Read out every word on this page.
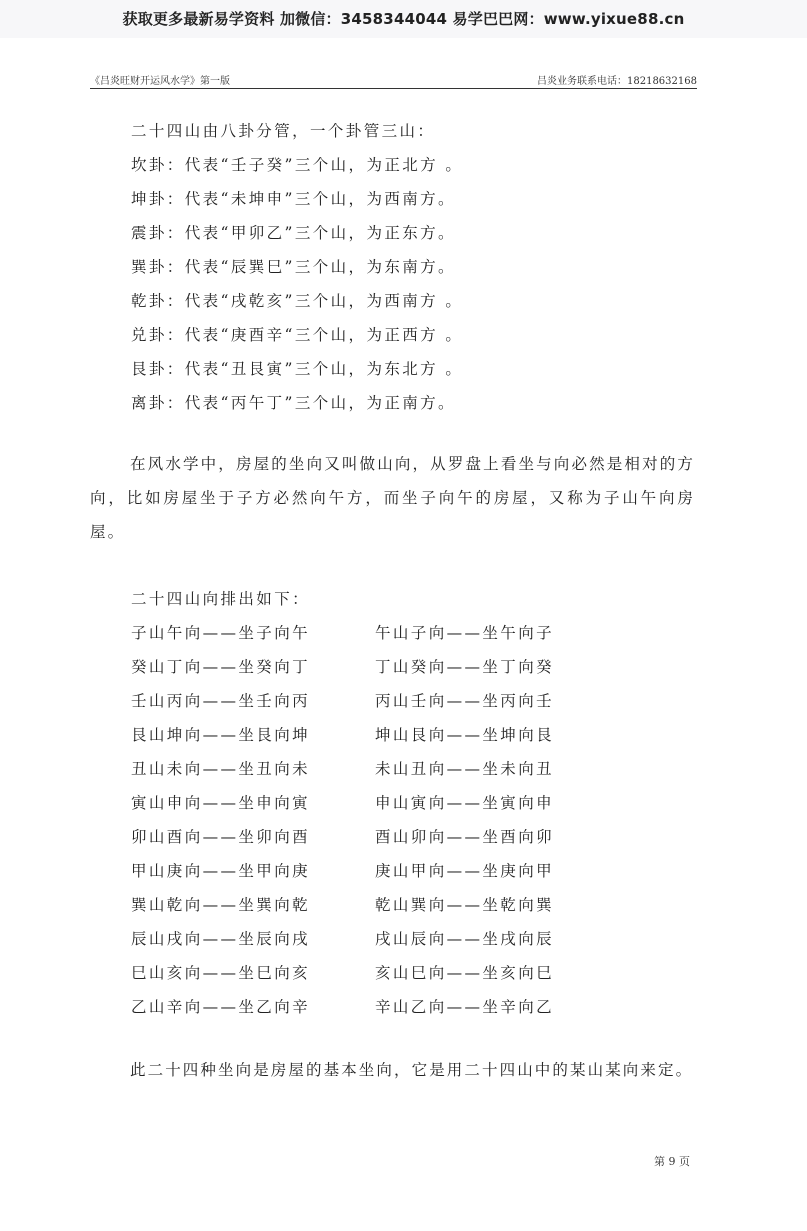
获取更多最新易学资料 加微信：3458344044 易学巴巴网：www.yixue88.cn
《吕炎旺财开运风水学》第一版	吕炎业务联系电话：18218632168
二十四山由八卦分管，一个卦管三山：
坎卦：代表“壬子癸”三个山，为正北方 。
坤卦：代表“未坤申”三个山，为西南方。
震卦：代表“甲卯乙”三个山，为正东方。
巽卦：代表“辰巽巳”三个山，为东南方。
乾卦：代表“戌乾亥”三个山，为西南方 。
兑卦：代表“庚酉辛“三个山，为正西方 。
艮卦：代表“丑艮寅”三个山，为东北方 。
离卦：代表“丙午丁”三个山，为正南方。
在风水学中，房屋的坐向又叫做山向，从罗盘上看坐与向必然是相对的方向，比如房屋坐于子方必然向午方，而坐子向午的房屋，又称为子山午向房屋。
二十四山向排出如下：
子山午向——坐子向午	午山子向——坐午向子
癸山丁向——坐癸向丁	丁山癸向——坐丁向癸
壬山丙向——坐壬向丙	丙山壬向——坐丙向壬
艮山坤向——坐艮向坤	坤山艮向——坐坤向艮
丑山未向——坐丑向未	未山丑向——坐未向丑
寅山申向——坐申向寅	申山寅向——坐寅向申
卯山酉向——坐卯向酉	酉山卯向——坐酉向卯
甲山庚向——坐甲向庚	庚山甲向——坐庚向甲
巽山乾向——坐巽向乾	乾山巽向——坐乾向巽
辰山戌向——坐辰向戌	戌山辰向——坐戌向辰
巳山亥向——坐巳向亥	亥山巳向——坐亥向巳
乙山辛向——坐乙向辛	辛山乙向——坐辛向乙
此二十四种坐向是房屋的基本坐向，它是用二十四山中的某山某向来定。
第 9 页
